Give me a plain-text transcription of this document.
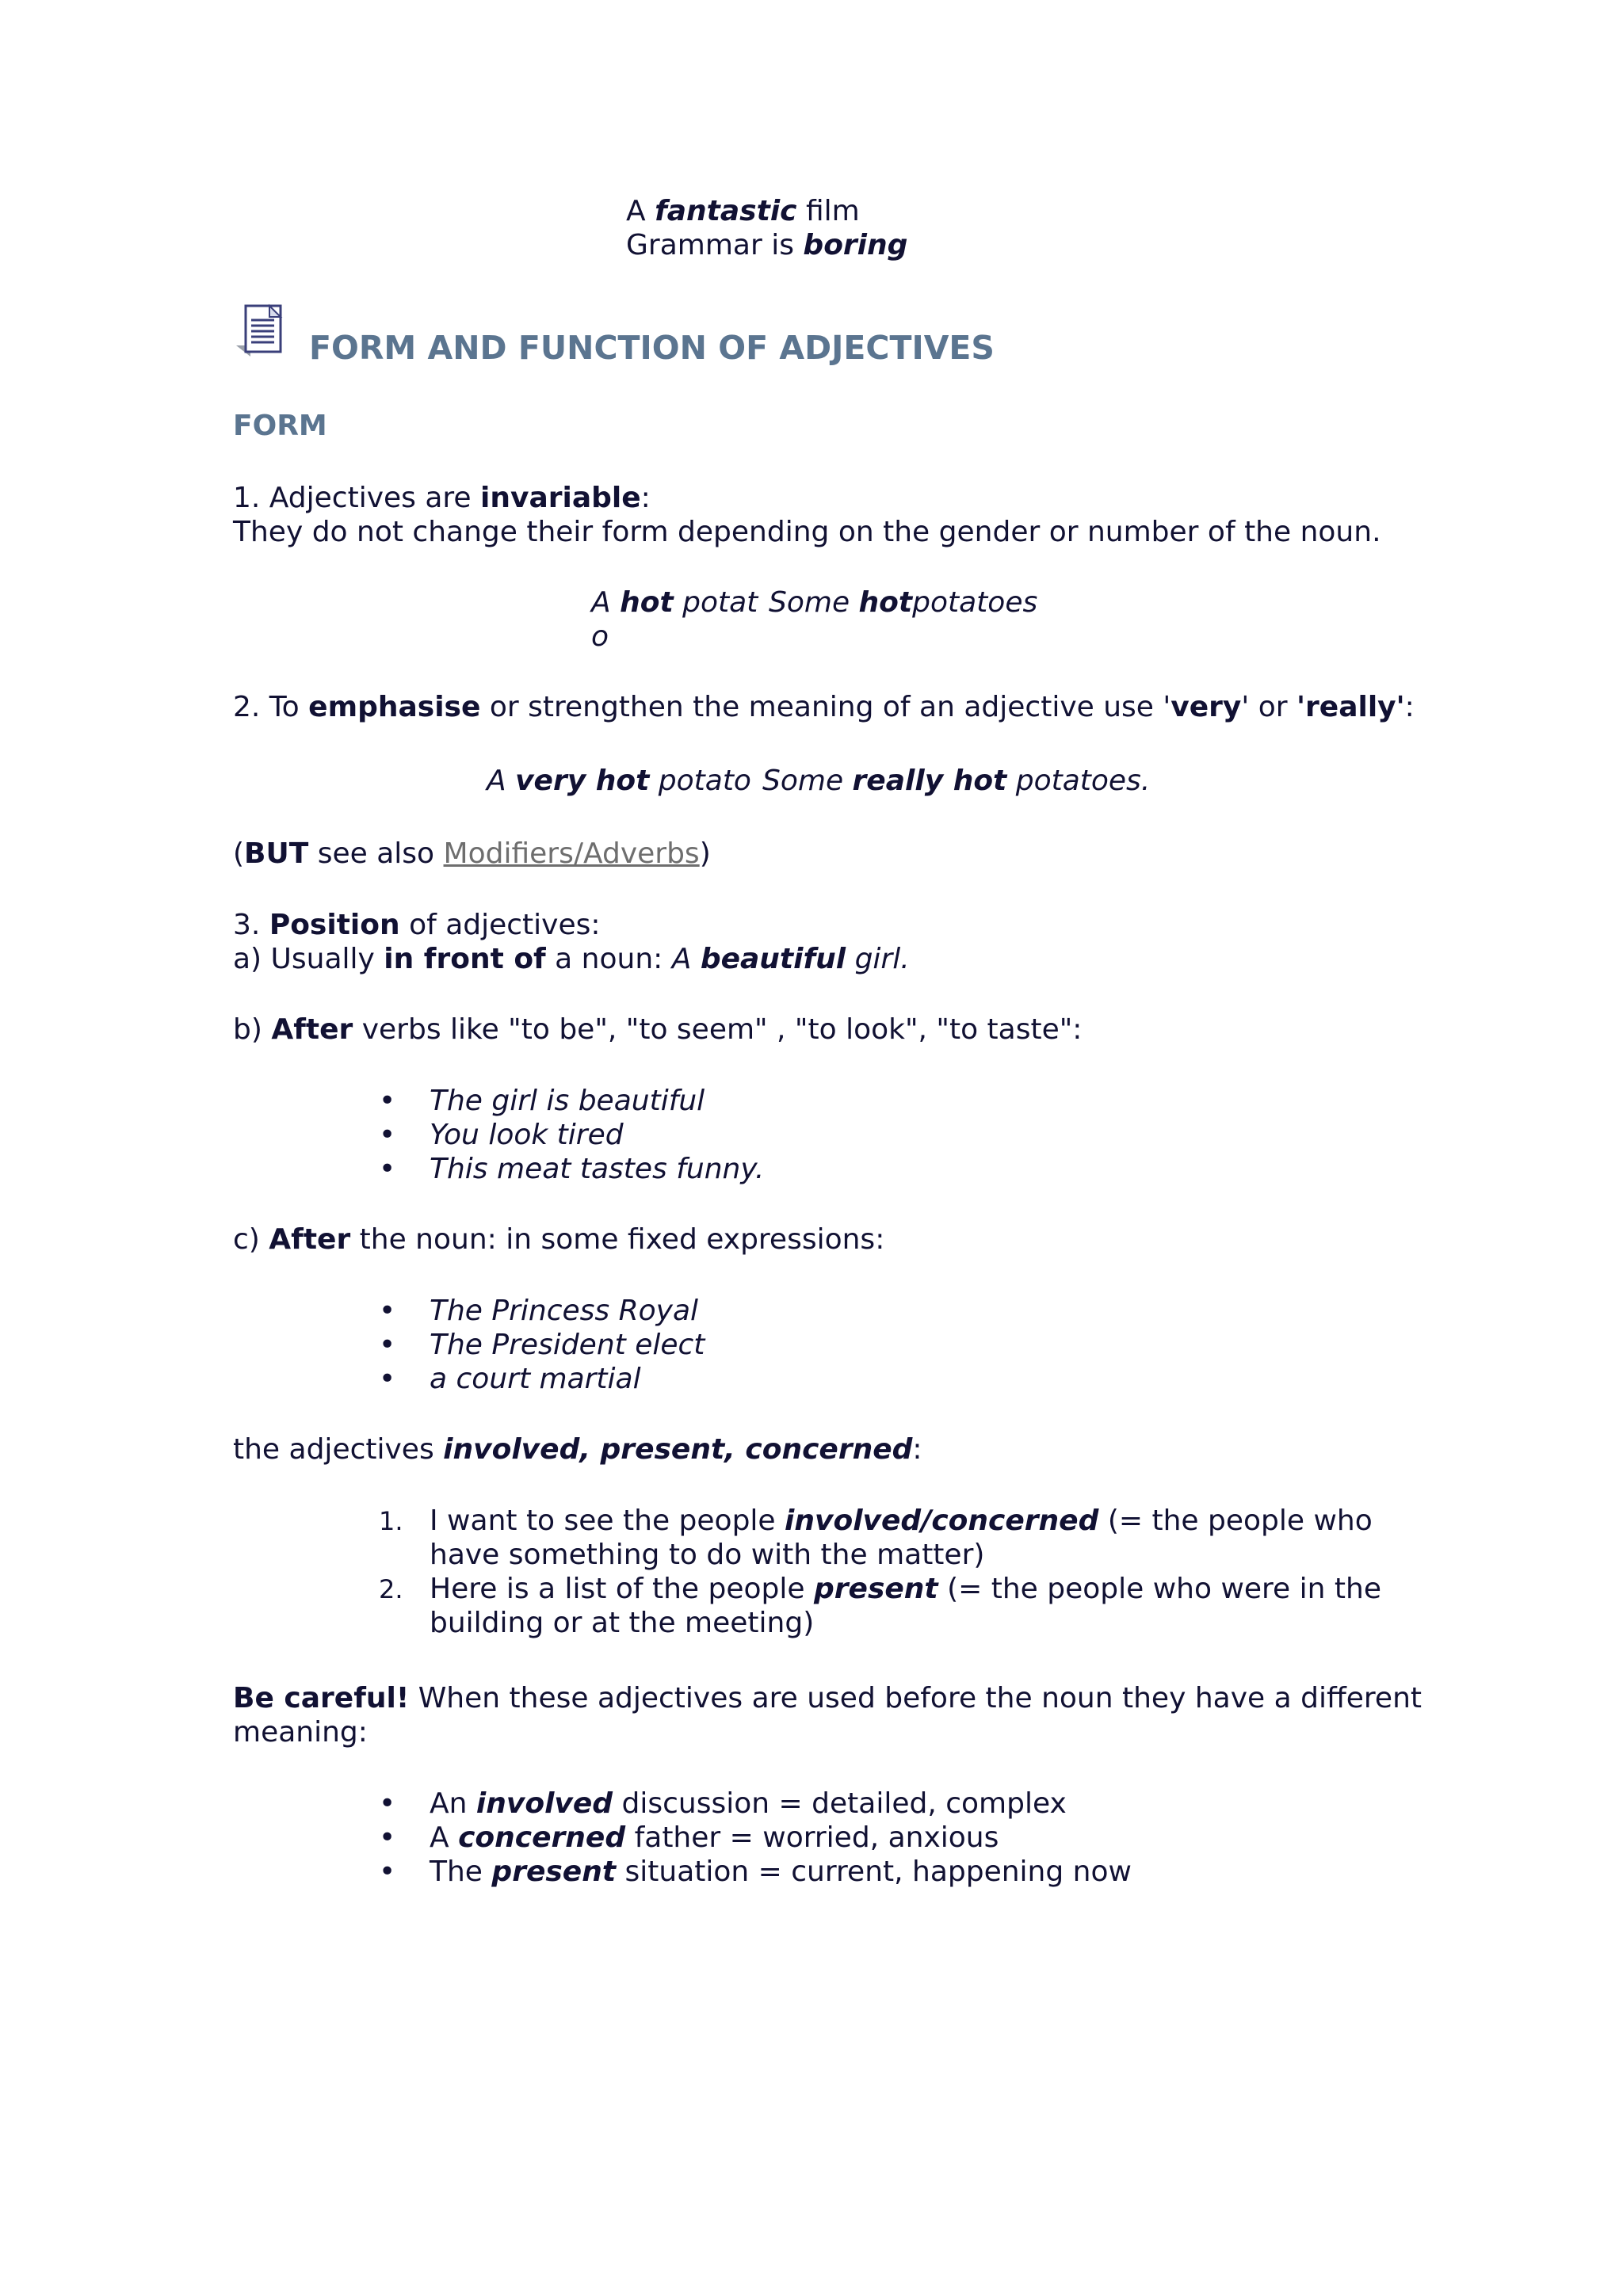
A fantastic film
Grammar is boring
FORM AND FUNCTION OF ADJECTIVES
FORM
1. Adjectives are invariable:
They do not change their form depending on the gender or number of the noun.
A hot potat
o
Some hotpotatoes
2. To emphasise or strengthen the meaning of an adjective use 'very' or 'really':
A very hot potato Some really hot potatoes.
(BUT see also Modifiers/Adverbs)
3. Position of adjectives:
a) Usually in front of a noun: A beautiful girl.
b) After verbs like "to be", "to seem" , "to look", "to taste":
• The girl is beautiful
• You look tired
• This meat tastes funny.
c) After the noun: in some fixed expressions:
• The Princess Royal
• The President elect
• a court martial
the adjectives involved, present, concerned:
1. I want to see the people involved/concerned (= the people who
have something to do with the matter)
2. Here is a list of the people present (= the people who were in the
building or at the meeting)
Be careful! When these adjectives are used before the noun they have a different
meaning:
• An involved discussion = detailed, complex
• A concerned father = worried, anxious
• The present situation = current, happening now
